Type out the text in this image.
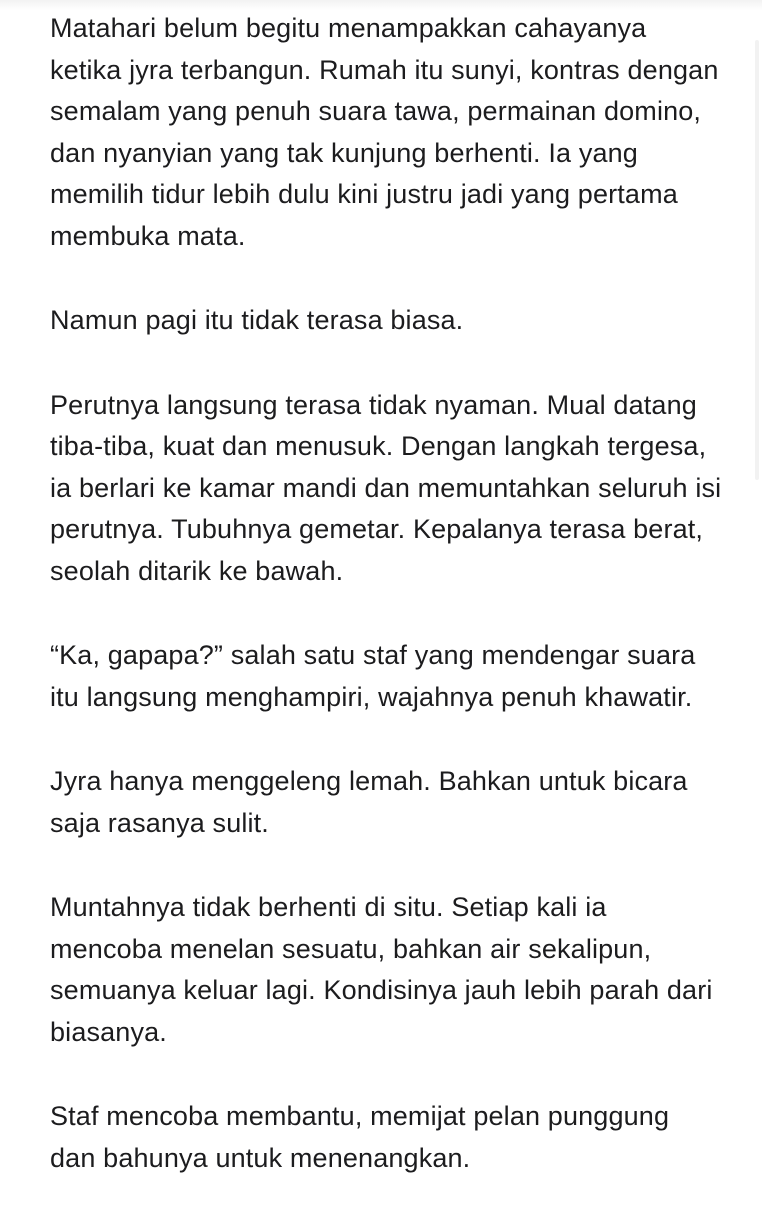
Matahari belum begitu menampakkan cahayanya
ketika jyra terbangun. Rumah itu sunyi, kontras dengan
semalam yang penuh suara tawa, permainan domino,
dan nyanyian yang tak kunjung berhenti. Ia yang
memilih tidur lebih dulu kini justru jadi yang pertama
membuka mata.

Namun pagi itu tidak terasa biasa.

Perutnya langsung terasa tidak nyaman. Mual datang
tiba-tiba, kuat dan menusuk. Dengan langkah tergesa,
ia berlari ke kamar mandi dan memuntahkan seluruh isi
perutnya. Tubuhnya gemetar. Kepalanya terasa berat,
seolah ditarik ke bawah.

“Ka, gapapa?” salah satu staf yang mendengar suara
itu langsung menghampiri, wajahnya penuh khawatir.

Jyra hanya menggeleng lemah. Bahkan untuk bicara
saja rasanya sulit.

Muntahnya tidak berhenti di situ. Setiap kali ia
mencoba menelan sesuatu, bahkan air sekalipun,
semuanya keluar lagi. Kondisinya jauh lebih parah dari
biasanya.

Staf mencoba membantu, memijat pelan punggung
dan bahunya untuk menenangkan.
